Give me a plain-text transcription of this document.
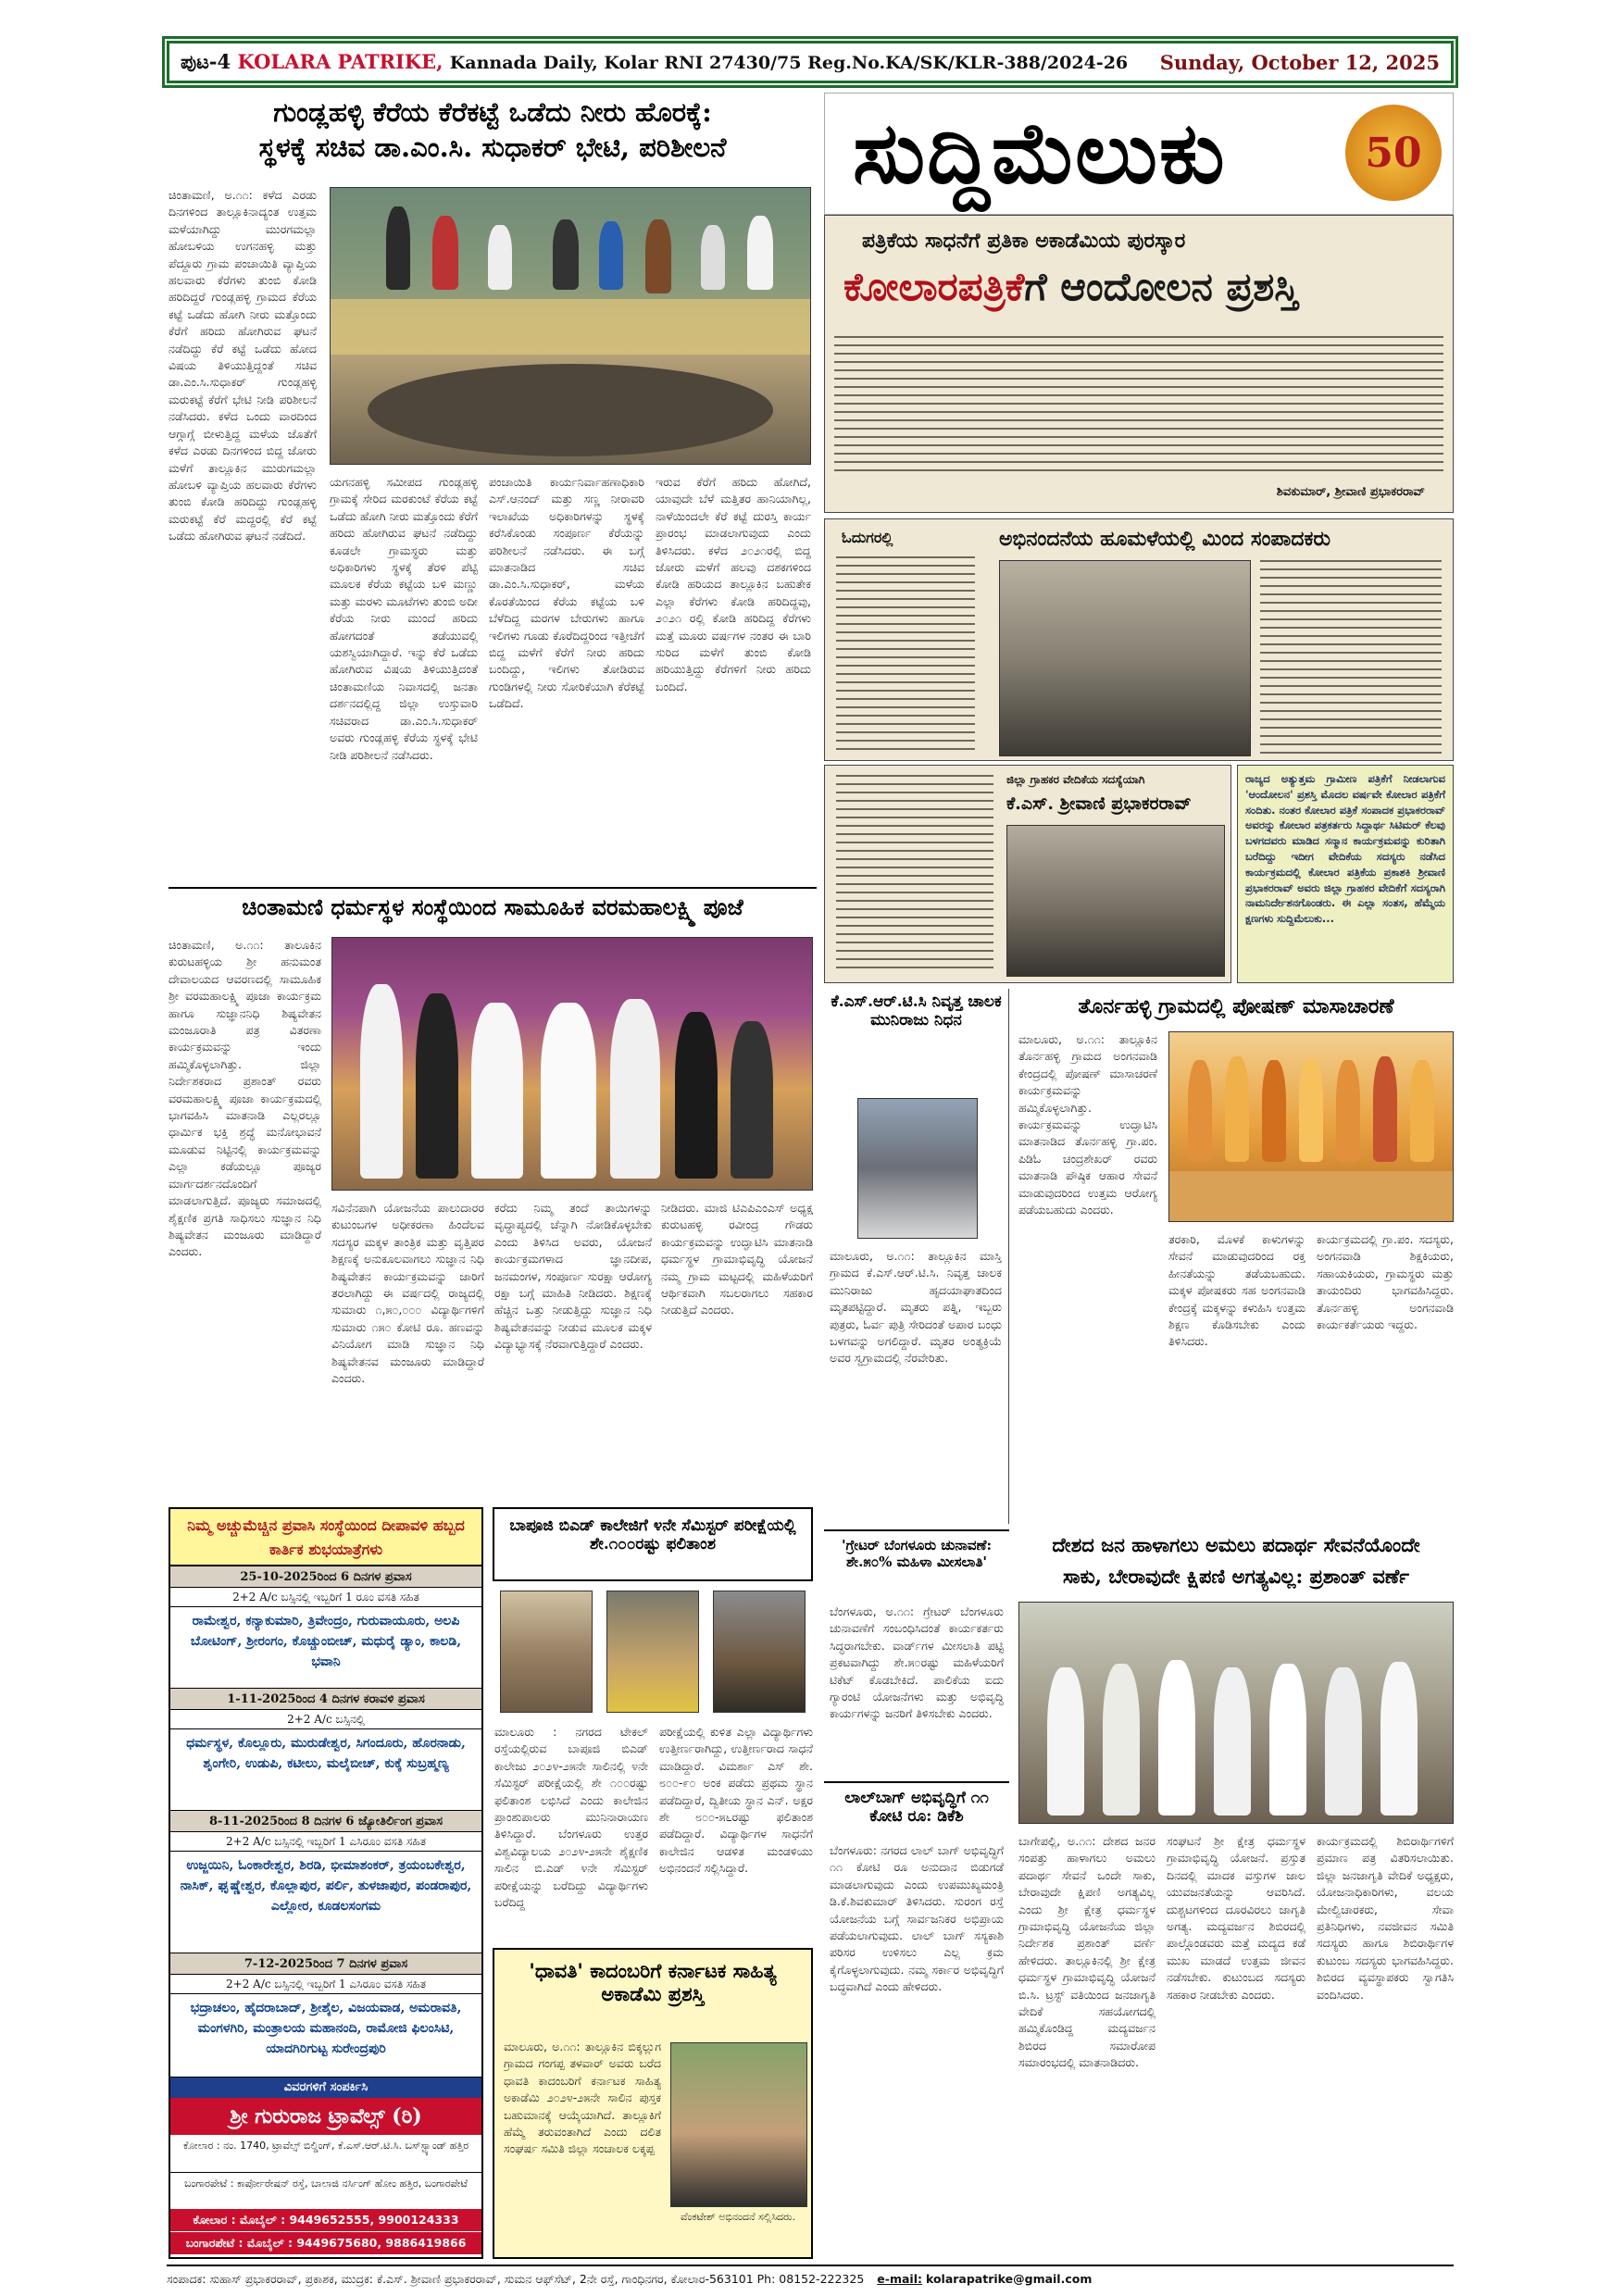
ಪುಟ-4 KOLARA PATRIKE, Kannada Daily, Kolar RNI 27430/75 Reg.No.KA/SK/KLR-388/2024-26 Sunday, October 12, 2025
ಗುಂಡ್ಲಹಳ್ಳಿ ಕೆರೆಯ ಕೆರೆಕಟ್ಟೆ ಒಡೆದು ನೀರು ಹೊರಕ್ಕೆ:
ಸ್ಥಳಕ್ಕೆ ಸಚಿವ ಡಾ.ಎಂ.ಸಿ. ಸುಧಾಕರ್ ಭೇಟಿ, ಪರಿಶೀಲನೆ
ಚಿಂತಾಮಣಿ, ಅ.೧೧: ಕಳೆದ ಎರಡು ದಿನಗಳಿಂದ ತಾಲ್ಲೂಕಿನಾದ್ಯಂತ ಉತ್ತಮ ಮಳೆಯಾಗಿದ್ದು ಮುರಗಮಲ್ಲಾ ಹೋಬಳಿಯ ಉಗನಹಳ್ಳಿ ಮತ್ತು ಪೆದ್ದೂರು ಗ್ರಾಮ ಪಂಚಾಯಿತಿ ವ್ಯಾಪ್ತಿಯ ಹಲವಾರು ಕೆರೆಗಳು ತುಂಬಿ ಕೋಡಿ ಹರಿದಿದ್ದರೆ ಗುಂಡ್ಲಹಳ್ಳಿ ಗ್ರಾಮದ ಕೆರೆಯ ಕಟ್ಟೆ ಒಡೆದು ಹೋಗಿ ನೀರು ಮತ್ತೊಂದು ಕೆರೆಗೆ ಹರಿದು ಹೋಗಿರುವ ಘಟನೆ ನಡೆದಿದ್ದು ಕೆರೆ ಕಟ್ಟೆ ಒಡೆದು ಹೋದ ವಿಷಯ ತಿಳಿಯುತ್ತಿದ್ದಂತೆ ಸಚಿವ ಡಾ.ಎಂ.ಸಿ.ಸುಧಾಕರ್ ಗುಂಡ್ಲಹಳ್ಳಿ ಮರುಕಟ್ಟೆ ಕೆರೆಗೆ ಭೇಟಿ ನೀಡಿ ಪರಿಶೀಲನೆ ನಡೆಸಿದರು. ಕಳೆದ ಒಂದು ವಾರದಿಂದ ಆಗ್ಗಾಗ್ಗೆ ಬೀಳುತ್ತಿದ್ದ ಮಳೆಯ ಜೊತೆಗೆ ಕಳೆದ ಎರಡು ದಿನಗಳಿಂದ ಬಿದ್ದ ಜೋರು ಮಳೆಗೆ ತಾಲ್ಲೂಕಿನ ಮುರುಗಮಲ್ಲಾ ಹೋಬಳಿ ವ್ಯಾಪ್ತಿಯ ಹಲವಾರು ಕೆರೆಗಳು ತುಂಬಿ ಕೋಡಿ ಹರಿದಿದ್ದು ಗುಂಡ್ಲಹಳ್ಳಿ ಮರುಕಟ್ಟೆ ಕೆರೆ ಮದ್ದರಲ್ಲಿ ಕೆರೆ ಕಟ್ಟೆ ಒಡೆದು ಹೋಗಿರುವ ಘಟನೆ ನಡೆದಿದೆ.
ಯಗನಹಳ್ಳಿ ಸಮೀಪದ ಗುಂಡ್ಲಹಳ್ಳಿ ಗ್ರಾಮಕ್ಕೆ ಸೇರಿದ ಮರಕುಂಟೆ ಕೆರೆಯ ಕಟ್ಟೆ ಒಡೆದು ಹೋಗಿ ನೀರು ಮತ್ತೊಂದು ಕೆರೆಗೆ ಹರಿದು ಹೋಗಿರುವ ಘಟನೆ ನಡೆದಿದ್ದು ಕೂಡಲೇ ಗ್ರಾಮಸ್ಥರು ಮತ್ತು ಅಧಿಕಾರಿಗಳು ಸ್ಥಳಕ್ಕೆ ತೆರಳಿ ಪೆಟ್ಟಿ ಮೂಲಕ ಕೆರೆಯ ಕಟ್ಟೆಯ ಬಳಿ ಮಣ್ಣು ಮತ್ತು ಮರಳು ಮೂಟೆಗಳು ತುಂಬಿ ಅದೀ ಕೆರೆಯ ನೀರು ಮುಂದೆ ಹರಿದು ಹೋಗದಂತೆ ತಡೆಯುವಲ್ಲಿ ಯಶಸ್ವಿಯಾಗಿದ್ದಾರೆ. ಇನ್ನು ಕೆರೆ ಒಡೆದು ಹೋಗಿರುವ ವಿಷಯ ತಿಳಿಯುತ್ತಿದಂತೆ ಚಿಂತಾಮಣಿಯ ನಿವಾಸದಲ್ಲಿ ಜನತಾ ದರ್ಶನದಲ್ಲಿದ್ದ ಜಿಲ್ಲಾ ಉಸ್ತುವಾರಿ ಸಚಿವರಾದ ಡಾ.ಎಂ.ಸಿ.ಸುಧಾಕರ್ ಅವರು ಗುಂಡ್ಲಹಳ್ಳಿ ಕೆರೆಯ ಸ್ಥಳಕ್ಕೆ ಭೇಟಿ ನೀಡಿ ಪರಿಶೀಲನೆ ನಡೆಸಿದರು.
ಪಂಚಾಯಿತಿ ಕಾರ್ಯನಿರ್ವಾಹಣಾಧಿಕಾರಿ ಎಸ್.ಆನಂದ್ ಮತ್ತು ಸಣ್ಣ ನೀರಾವರಿ ಇಲಾಖೆಯ ಅಧಿಕಾರಿಗಳನ್ನು ಸ್ಥಳಕ್ಕೆ ಕರೆಸಿಕೊಂಡು ಸಂಪೂರ್ಣ ಕೆರೆಯನ್ನು ಪರಿಶೀಲನೆ ನಡೆಸಿದರು. ಈ ಬಗ್ಗೆ ಮಾತನಾಡಿದ ಸಚಿವ ಡಾ.ಎಂ.ಸಿ.ಸುಧಾಕರ್, ಮಳೆಯ ಕೊರತೆಯಿಂದ ಕೆರೆಯ ಕಟ್ಟೆಯ ಬಳಿ ಬೆಳೆದಿದ್ದ ಮರಗಳ ಬೇರುಗಳು ಹಾಗೂ ಇಲಿಗಳು ಗೂಡು ಕೊರೆದಿದ್ದರಿಂದ ಇತ್ತೀಚೆಗೆ ಬಿದ್ದ ಮಳೆಗೆ ಕೆರೆಗೆ ನೀರು ಹರಿದು ಬಂದಿದ್ದು, ಇಲಿಗಳು ತೋಡಿರುವ ಗುಂಡಿಗಳಲ್ಲಿ ನೀರು ಸೋರಿಕೆಯಾಗಿ ಕೆರೆಕಟ್ಟೆ ಒಡೆದಿದೆ.
ಇರುವ ಕೆರೆಗೆ ಹರಿದು ಹೋಗಿದೆ, ಯಾವುದೇ ಬೆಳೆ ಮತ್ತಿತರ ಹಾನಿಯಾಗಿಲ್ಲ, ನಾಳೆಯಿಂದಲೇ ಕೆರೆ ಕಟ್ಟೆ ದುರಸ್ತಿ ಕಾರ್ಯ ಪ್ರಾರಂಭ ಮಾಡಲಾಗುವುದು ಎಂದು ತಿಳಿಸಿದರು. ಕಳೆದ ೨೦೨೧ರಲ್ಲಿ ಬಿದ್ದ ಜೋರು ಮಳೆಗೆ ಹಲವು ದಶಕಗಳಿಂದ ಕೋಡಿ ಹರಿಯದ ತಾಲ್ಲೂಕಿನ ಬಹುತೇಕ ಎಲ್ಲಾ ಕೆರೆಗಳು ಕೋಡಿ ಹರಿದಿದ್ದವು, ೨೦೨೧ ರಲ್ಲಿ ಕೋಡಿ ಹರಿದಿದ್ದ ಕೆರೆಗಳು ಮತ್ತೆ ಮೂರು ವರ್ಷಗಳ ನಂತರ ಈ ಬಾರಿ ಸುರಿದ ಮಳೆಗೆ ತುಂಬಿ ಕೋಡಿ ಹರಿಯುತ್ತಿದ್ದು ಕೆರೆಗಳಿಗೆ ನೀರು ಹರಿದು ಬಂದಿದೆ.
ಚಿಂತಾಮಣಿ ಧರ್ಮಸ್ಥಳ ಸಂಸ್ಥೆಯಿಂದ ಸಾಮೂಹಿಕ ವರಮಹಾಲಕ್ಷ್ಮಿ ಪೂಜೆ
ಚಿಂತಾಮಣಿ, ಅ.೧೧: ತಾಲೂಕಿನ ಕುರುಟಹಳ್ಳಿಯ ಶ್ರೀ ಹನುಮಂತ ದೇವಾಲಯದ ಆವರಣದಲ್ಲಿ ಸಾಮೂಹಿಕ ಶ್ರೀ ವರಮಹಾಲಕ್ಷ್ಮಿ ಪೂಜಾ ಕಾರ್ಯಕ್ರಮ ಹಾಗೂ ಸುಜ್ಞಾನನಿಧಿ ಶಿಷ್ಯವೇತನ ಮಂಜೂರಾತಿ ಪತ್ರ ವಿತರಣಾ ಕಾರ್ಯಕ್ರಮವನ್ನು ಇಂದು ಹಮ್ಮಿಕೊಳ್ಳಲಾಗಿತ್ತು. ಜಿಲ್ಲಾ ನಿರ್ದೇಶಕರಾದ ಪ್ರಶಾಂತ್ ರವರು ವರಮಹಾಲಕ್ಷ್ಮಿ ಪೂಜಾ ಕಾರ್ಯಕ್ರಮದಲ್ಲಿ ಭಾಗವಹಿಸಿ ಮಾತನಾಡಿ ಎಲ್ಲರಲ್ಲೂ ಧಾರ್ಮಿಕ ಭಕ್ತಿ ಶ್ರದ್ಧೆ ಮನೋಭಾವನೆ ಮೂಡುವ ನಿಟ್ಟಿನಲ್ಲಿ ಕಾರ್ಯಕ್ರಮವನ್ನು ಎಲ್ಲಾ ಕಡೆಯಲ್ಲೂ ಪೂಜ್ಯರ ಮಾರ್ಗದರ್ಶನದೊಂದಿಗೆ ಮಾಡಲಾಗುತ್ತಿದೆ. ಪೂಜ್ಯರು ಸಮಾಜದಲ್ಲಿ ಶೈಕ್ಷಣಿಕ ಪ್ರಗತಿ ಸಾಧಿಸಲು ಸುಜ್ಞಾನ ನಿಧಿ ಶಿಷ್ಯವೇತನ ಮಂಜೂರು ಮಾಡಿದ್ದಾರೆ ಎಂದರು.
ಸವಿನೆನಪಾಗಿ ಯೋಜನೆಯ ಪಾಲುದಾರರ ಕುಟುಂಬಗಳ ಅಧೀಕರಣಾ ಹಿಂದೆಲವ ಸದಸ್ಯರ ಮಕ್ಕಳ ತಾಂತ್ರಿಕ ಮತ್ತು ವೃತ್ತಿಪರ ಶಿಕ್ಷಣಕ್ಕೆ ಅನುಕೂಲವಾಗಲು ಸುಜ್ಞಾನ ನಿಧಿ ಶಿಷ್ಯವೇತನ ಕಾರ್ಯಕ್ರಮವನ್ನು ಜಾರಿಗೆ ತರಲಾಗಿದ್ದು ಈ ವರ್ಷದಲ್ಲಿ ರಾಜ್ಯದಲ್ಲಿ ಸುಮಾರು ೧,೫೦,೦೦೦ ವಿದ್ಯಾರ್ಥಿಗಳಿಗೆ ಸುಮಾರು ೧೫೦ ಕೋಟಿ ರೂ. ಹಣವನ್ನು ವಿನಿಯೋಗ ಮಾಡಿ ಸುಜ್ಞಾನ ನಿಧಿ ಶಿಷ್ಯವೇತನವ ಮಂಜೂರು ಮಾಡಿದ್ದಾರೆ ಎಂದರು.
ಕರೆದು ನಿಮ್ಮ ತಂದೆ ತಾಯಿಗಳನ್ನು ವೃದ್ಧಾಪ್ಯದಲ್ಲಿ ಚೆನ್ನಾಗಿ ನೋಡಿಕೊಳ್ಳಬೇಕು ಎಂದು ತಿಳಿಸಿದ ಅವರು, ಯೋಜನೆ ಕಾರ್ಯಕ್ರಮಗಳಾದ ಜ್ಞಾನದೀಪ, ಜನಮಂಗಳ, ಸಂಪೂರ್ಣ ಸುರಕ್ಷಾ ಆರೋಗ್ಯ ರಕ್ಷಾ ಬಗ್ಗೆ ಮಾಹಿತಿ ನೀಡಿದರು. ಶಿಕ್ಷಣಕ್ಕೆ ಹೆಚ್ಚಿನ ಒತ್ತು ನೀಡುತ್ತಿದ್ದು ಸುಜ್ಞಾನ ನಿಧಿ ಶಿಷ್ಯವೇತನವನ್ನು ನೀಡುವ ಮೂಲಕ ಮಕ್ಕಳ ವಿದ್ಯಾಭ್ಯಾಸಕ್ಕೆ ನೆರವಾಗುತ್ತಿದ್ದಾರೆ ಎಂದರು.
ನೀಡಿದರು. ಮಾಜಿ ಟಿಎಪಿಎಂಎಸ್ ಅಧ್ಯಕ್ಷ ಕುರುಟಹಳ್ಳಿ ರವೀಂದ್ರ ಗೌಡರು ಕಾರ್ಯಕ್ರಮವನ್ನು ಉದ್ಘಾಟಿಸಿ ಮಾತನಾಡಿ ಧರ್ಮಸ್ಥಳ ಗ್ರಾಮಾಭಿವೃದ್ಧಿ ಯೋಜನೆ ನಮ್ಮ ಗ್ರಾಮ ಮಟ್ಟದಲ್ಲಿ ಮಹಿಳೆಯರಿಗೆ ಆರ್ಥಿಕವಾಗಿ ಸಬಲರಾಗಲು ಸಹಕಾರ ನೀಡುತ್ತಿದೆ ಎಂದರು.
ನಿಮ್ಮ ಅಚ್ಚುಮೆಚ್ಚಿನ ಪ್ರವಾಸಿ ಸಂಸ್ಥೆಯಿಂದ ದೀಪಾವಳಿ ಹಬ್ಬದ ಕಾರ್ತಿಕ ಶುಭಯಾತ್ರೆಗಳು
25-10-2025ರಿಂದ 6 ದಿನಗಳ ಪ್ರವಾಸ
2+2 A/c ಬಸ್ಸಿನಲ್ಲಿ ಇಬ್ಬರಿಗೆ 1 ರೂಂ ವಸತಿ ಸಹಿತ
ರಾಮೇಶ್ವರ, ಕನ್ಯಾಕುಮಾರಿ, ತ್ರಿವೇಂದ್ರಂ, ಗುರುವಾಯೂರು, ಅಲಪಿ ಬೋಟಿಂಗ್, ಶ್ರೀರಂಗಂ, ಕೊಚ್ಚುಂಬೀಚ್, ಮಧುರೈ ಡ್ಯಾಂ, ಕಾಲಡಿ, ಭವಾನಿ
1-11-2025ರಿಂದ 4 ದಿನಗಳ ಕರಾವಳಿ ಪ್ರವಾಸ
2+2 A/c ಬಸ್ಸಿನಲ್ಲಿ
ಧರ್ಮಸ್ಥಳ, ಕೊಲ್ಲೂರು, ಮುರುಡೇಶ್ವರ, ಸಿಗಂದೂರು, ಹೊರನಾಡು, ಶೃಂಗೇರಿ, ಉಡುಪಿ, ಕಟೀಲು, ಮಲೈಬೀಚ್, ಕುಕ್ಕೆ ಸುಬ್ರಹ್ಮಣ್ಯ
8-11-2025ರಿಂದ 8 ದಿನಗಳ 6 ಜ್ಯೋತಿರ್ಲಿಂಗ ಪ್ರವಾಸ
2+2 A/c ಬಸ್ಸಿನಲ್ಲಿ ಇಬ್ಬರಿಗೆ 1 ಎಸಿರೂಂ ವಸತಿ ಸಹಿತ
ಉಜ್ಜಯಿನಿ, ಓಂಕಾರೇಶ್ವರ, ಶಿರಡಿ, ಭೀಮಾಶಂಕರ್, ತ್ರಯಂಬಕೇಶ್ವರ, ನಾಸಿಕ್, ಘೃಷ್ಣೇಶ್ವರ, ಕೊಲ್ಲಾಪುರ, ಪರ್ಲಿ, ತುಳಜಾಪುರ, ಪಂಡರಾಪುರ, ಎಲ್ಲೋರ, ಕೂಡಲಸಂಗಮ
7-12-2025ರಿಂದ 7 ದಿನಗಳ ಪ್ರವಾಸ
2+2 A/c ಬಸ್ಸಿನಲ್ಲಿ ಇಬ್ಬರಿಗೆ 1 ಎಸಿರೂಂ ವಸತಿ ಸಹಿತ
ಭದ್ರಾಚಲಂ, ಹೈದರಾಬಾದ್, ಶ್ರೀಶೈಲ, ವಿಜಯವಾಡ, ಅಮರಾವತಿ, ಮಂಗಳಗಿರಿ, ಮಂತ್ರಾಲಯ ಮಹಾನಂದಿ, ರಾಮೋಜಿ ಫಿಲಂಸಿಟಿ, ಯಾದಗಿರಿಗುಟ್ಟ ಸುರೇಂದ್ರಪುರಿ
ವಿವರಗಳಿಗೆ ಸಂಪರ್ಕಿಸಿ
ಶ್ರೀ ಗುರುರಾಜ ಟ್ರಾವೆಲ್ಸ್ (ರಿ)
ಕೋಲಾರ : ನಂ. 1740, ಟ್ರಾವೆಲ್ಸ್ ಬಿಲ್ಡಿಂಗ್, ಕೆ.ಎಸ್.ಆರ್.ಟಿ.ಸಿ. ಬಸ್‌ಸ್ಟ್ಯಾಂಡ್ ಹತ್ತಿರ
ಬಂಗಾರಪೇಟೆ : ಕಾರ್ಪೋರೇಷನ್ ರಸ್ತೆ, ಬಾಲಾಜಿ ನರ್ಸಿಂಗ್ ಹೋಂ ಹತ್ತಿರ, ಬಂಗಾರಪೇಟೆ
ಕೋಲಾರ : ಮೊಬೈಲ್ : 9449652555, 9900124333
ಬಂಗಾರಪೇಟೆ : ಮೊಬೈಲ್ : 9449675680, 9886419866
ಬಾಪೂಜಿ ಬಿಎಡ್ ಕಾಲೇಜಿಗೆ ೪ನೇ ಸೆಮಿಸ್ಟರ್ ಪರೀಕ್ಷೆಯಲ್ಲಿ ಶೇ.೧೦೦ರಷ್ಟು ಫಲಿತಾಂಶ
ಮಾಲೂರು : ನಗರದ ಟೇಕಲ್ ರಸ್ತೆಯಲ್ಲಿರುವ ಬಾಪೂಜಿ ಬಿಎಡ್ ಕಾಲೇಜು ೨೦೨೪-೨೫ನೇ ಸಾಲಿನಲ್ಲಿ ೪ನೇ ಸೆಮಿಸ್ಟರ್ ಪರೀಕ್ಷೆಯಲ್ಲಿ ಶೇ ೧೦೦ರಷ್ಟು ಫಲಿತಾಂಶ ಲಭಿಸಿದೆ ಎಂದು ಕಾಲೇಜಿನ ಪ್ರಾಂಶುಪಾಲರು ಮುನಿನಾರಾಯಣ ತಿಳಿಸಿದ್ದಾರೆ. ಬೆಂಗಳೂರು ಉತ್ತರ ವಿಶ್ವವಿದ್ಯಾಲಯ ೨೦೨೪-೨೫ನೇ ಶೈಕ್ಷಣಿಕ ಸಾಲಿನ ಬಿ.ಎಡ್ ೪ನೇ ಸೆಮಿಸ್ಟರ್ ಪರೀಕ್ಷೆಯನ್ನು ಬರೆದಿದ್ದು ವಿದ್ಯಾರ್ಥಿಗಳು ಬರೆದಿದ್ದ
ಪರೀಕ್ಷೆಯಲ್ಲಿ ಕುಳಿತ ಎಲ್ಲಾ ವಿದ್ಯಾರ್ಥಿಗಳು ಉತ್ತೀರ್ಣರಾಗಿದ್ದು, ಉತ್ತೀರ್ಣರಾದ ಸಾಧನೆ ಮಾಡಿದ್ದಾರೆ. ವಿಮರ್ಶಾ ಎಸ್ ಶೇ. ೮೦೦-೯೦ ಅಂಕ ಪಡೆದು ಪ್ರಥಮ ಸ್ಥಾನ ಪಡೆದಿದ್ದಾರೆ, ದ್ವಿತೀಯ ಸ್ಥಾನ ಎನ್. ಅಕ್ಷರ ಶೇ ೮೦೦-೫೬ರಷ್ಟು ಫಲಿತಾಂಶ ಪಡೆದಿದ್ದಾರೆ. ವಿದ್ಯಾರ್ಥಿಗಳ ಸಾಧನೆಗೆ ಕಾಲೇಜಿನ ಆಡಳಿತ ಮಂಡಳಿಯು ಅಭಿನಂದನೆ ಸಲ್ಲಿಸಿದ್ದಾರೆ.
'ಧಾವತಿ' ಕಾದಂಬರಿಗೆ ಕರ್ನಾಟಕ ಸಾಹಿತ್ಯ ಅಕಾಡೆಮಿ ಪ್ರಶಸ್ತಿ
ಮಾಲೂರು, ಅ.೧೧: ತಾಲ್ಲೂಕಿನ ಬಿಕ್ಕಲ್ಲುಗ ಗ್ರಾಮದ ಗಂಗಪ್ಪ ತಳವಾರ್ ಅವರು ಬರೆದ ಧಾವತಿ ಕಾದಂಬರಿಗೆ ಕರ್ನಾಟಕ ಸಾಹಿತ್ಯ ಅಕಾಡೆಮಿ ೨೦೨೪-೨೫ನೇ ಸಾಲಿನ ಪುಸ್ತಕ ಬಹುಮಾನಕ್ಕೆ ಆಯ್ಕೆಯಾಗಿದೆ. ತಾಲ್ಲೂಕಿಗೆ ಹೆಮ್ಮೆ ತರುವಂತಾಗಿದೆ ಎಂದು ದಲಿತ ಸಂಘರ್ಷ ಸಮಿತಿ ಜಿಲ್ಲಾ ಸಂಚಾಲಕ ಲಕ್ಕಪ್ಪ
ವೆಂಕಟೇಶ್ ಅಭಿನಂದನೆ ಸಲ್ಲಿಸಿದರು.
ಸುದ್ದಿಮೆಲುಕು	50
ಪತ್ರಿಕೆಯ ಸಾಧನೆಗೆ ಪ್ರತಿಕಾ ಅಕಾಡೆಮಿಯ ಪುರಸ್ಕಾರ
ಕೋಲಾರಪತ್ರಿಕೆಗೆ ಆಂದೋಲನ ಪ್ರಶಸ್ತಿ
ಶಿವಕುಮಾರ್, ಶ್ರೀವಾಣಿ ಪ್ರಭಾಕರರಾವ್
ಓದುಗರಲ್ಲಿ	ಅಭಿನಂದನೆಯ ಹೂಮಳೆಯಲ್ಲಿ ಮಿಂದ ಸಂಪಾದಕರು
ಜಿಲ್ಲಾ ಗ್ರಾಹಕರ ವೇದಿಕೆಯ ಸದಸ್ಯೆಯಾಗಿ
ಕೆ.ಎಸ್. ಶ್ರೀವಾಣಿ ಪ್ರಭಾಕರರಾವ್
ರಾಜ್ಯದ ಅತ್ಯುತ್ತಮ ಗ್ರಾಮೀಣ ಪತ್ರಿಕೆಗೆ ನೀಡಲಾಗುವ 'ಆಂದೋಲನ' ಪ್ರಶಸ್ತಿ ಮೊದಲ ವರ್ಷವೇ ಕೋಲಾರ ಪತ್ರಿಕೆಗೆ ಸಂದಿತು. ನಂತರ ಕೋಲಾರ ಪತ್ರಿಕೆ ಸಂಪಾದಕ ಪ್ರಭಾಕರರಾವ್ ಅವರನ್ನು ಕೋಲಾರ ಪತ್ರಕರ್ತರು ಸಿದ್ದಾರ್ಥ ಸಿಟಿಮರ್ ಕೆಲವು ಬಳಗದವರು ಮಾಡಿದ ಸನ್ಮಾನ ಕಾರ್ಯಕ್ರಮವನ್ನು ಕುರಿತಾಗಿ ಬರೆದಿದ್ದು ಇದೀಗ ವೇದಿಕೆಯ ಸದಸ್ಯರು ನಡೆಸಿದ ಕಾರ್ಯಕ್ರಮದಲ್ಲಿ ಕೋಲಾರ ಪತ್ರಿಕೆಯ ಪ್ರಕಾಶಕಿ ಶ್ರೀವಾಣಿ ಪ್ರಭಾಕರರಾವ್ ಅವರು ಜಿಲ್ಲಾ ಗ್ರಾಹಕರ ವೇದಿಕೆಗೆ ಸದಸ್ಯರಾಗಿ ನಾಮನಿರ್ದೇಶನಗೊಂಡರು. ಈ ಎಲ್ಲಾ ಸಂತಸ, ಹೆಮ್ಮೆಯ ಕ್ಷಣಗಳು ಸುದ್ದಿಮೆಲುಕು...
ಕೆ.ಎಸ್.ಆರ್.ಟಿ.ಸಿ ನಿವೃತ್ತ ಚಾಲಕ ಮುನಿರಾಜು ನಿಧನ
ಮಾಲೂರು, ಅ.೧೧: ತಾಲ್ಲೂಕಿನ ಮಾಸ್ತಿ ಗ್ರಾಮದ ಕೆ.ಎಸ್.ಆರ್.ಟಿ.ಸಿ. ನಿವೃತ್ತ ಚಾಲಕ ಮುನಿರಾಜು ಹೃದಯಾಘಾತದಿಂದ ಮೃತಪಟ್ಟಿದ್ದಾರೆ. ಮೃತರು ಪತ್ನಿ, ಇಬ್ಬರು ಪುತ್ರರು, ಓರ್ವ ಪುತ್ರಿ ಸೇರಿದಂತೆ ಅಪಾರ ಬಂಧು ಬಳಗವನ್ನು ಅಗಲಿದ್ದಾರೆ. ಮೃತರ ಅಂತ್ಯಕ್ರಿಯೆ ಅವರ ಸ್ವಗ್ರಾಮದಲ್ಲಿ ನೆರವೇರಿತು.
ತೊರ್ನಹಳ್ಳಿ ಗ್ರಾಮದಲ್ಲಿ ಪೋಷಣ್ ಮಾಸಾಚಾರಣೆ
ಮಾಲೂರು, ಅ.೧೧: ತಾಲ್ಲೂಕಿನ ತೊರ್ನಹಳ್ಳಿ ಗ್ರಾಮದ ಅಂಗನವಾಡಿ ಕೇಂದ್ರದಲ್ಲಿ ಪೋಷಣ್ ಮಾಸಾಚರಣೆ ಕಾರ್ಯಕ್ರಮವನ್ನು ಹಮ್ಮಿಕೊಳ್ಳಲಾಗಿತ್ತು. ಕಾರ್ಯಕ್ರಮವನ್ನು ಉದ್ಘಾಟಿಸಿ ಮಾತನಾಡಿದ ತೊರ್ನಹಳ್ಳಿ ಗ್ರಾ.ಪಂ. ಪಿಡಿಓ ಚಂದ್ರಶೇಖರ್ ರವರು ಮಾತನಾಡಿ ಪೌಷ್ಠಿಕ ಆಹಾರ ಸೇವನೆ ಮಾಡುವುದರಿಂದ ಉತ್ತಮ ಆರೋಗ್ಯ ಪಡೆಯಬಹುದು ಎಂದರು.
ತರಕಾರಿ, ಮೊಳಕೆ ಕಾಳುಗಳನ್ನು ಸೇವನೆ ಮಾಡುವುದರಿಂದ ರಕ್ತ ಹೀನತೆಯನ್ನು ತಡೆಯಬಹುದು. ಮಕ್ಕಳ ಪೋಷಕರು ಸಹ ಅಂಗನವಾಡಿ ಕೇಂದ್ರಕ್ಕೆ ಮಕ್ಕಳನ್ನು ಕಳುಹಿಸಿ ಉತ್ತಮ ಶಿಕ್ಷಣ ಕೊಡಿಸಬೇಕು ಎಂದು ತಿಳಿಸಿದರು.
ಕಾರ್ಯಕ್ರಮದಲ್ಲಿ ಗ್ರಾ.ಪಂ. ಸದಸ್ಯರು, ಅಂಗನವಾಡಿ ಶಿಕ್ಷಕಿಯರು, ಸಹಾಯಕಿಯರು, ಗ್ರಾಮಸ್ಥರು ಮತ್ತು ತಾಯಂದಿರು ಭಾಗವಹಿಸಿದ್ದರು. ತೊರ್ನಹಳ್ಳಿ ಅಂಗನವಾಡಿ ಕಾರ್ಯಕರ್ತೆಯರು ಇದ್ದರು.
'ಗ್ರೇಟರ್ ಬೆಂಗಳೂರು ಚುನಾವಣೆ: ಶೇ.೫೦% ಮಹಿಳಾ ಮೀಸಲಾತಿ'
ಬೆಂಗಳೂರು, ಅ.೧೧: ಗ್ರೇಟರ್ ಬೆಂಗಳೂರು ಚುನಾವಣೆಗೆ ಸಂಬಂಧಿಸಿದಂತೆ ಕಾರ್ಯಕರ್ತರು ಸಿದ್ಧರಾಗಬೇಕು. ವಾರ್ಡ್‌ಗಳ ಮೀಸಲಾತಿ ಪಟ್ಟಿ ಪ್ರಕಟವಾಗಿದ್ದು ಶೇ.೫೦ರಷ್ಟು ಮಹಿಳೆಯರಿಗೆ ಟಿಕೆಟ್ ಕೊಡಬೇಕಿದೆ. ಪಾಲಿಕೆಯ ಐದು ಗ್ಯಾರಂಟಿ ಯೋಜನೆಗಳು ಮತ್ತು ಅಭಿವೃದ್ಧಿ ಕಾರ್ಯಗಳನ್ನು ಜನರಿಗೆ ತಿಳಿಸಬೇಕು ಎಂದರು.
ಲಾಲ್‌ಬಾಗ್ ಅಭಿವೃದ್ಧಿಗೆ ೧೧ ಕೋಟಿ ರೂ: ಡಿಕೆಶಿ
ಬೆಂಗಳೂರು: ನಗರದ ಲಾಲ್ ಬಾಗ್ ಅಭಿವೃದ್ಧಿಗೆ ೧೧ ಕೋಟಿ ರೂ ಅನುದಾನ ಬಿಡುಗಡೆ ಮಾಡಲಾಗುವುದು ಎಂದು ಉಪಮುಖ್ಯಮಂತ್ರಿ ಡಿ.ಕೆ.ಶಿವಕುಮಾರ್ ತಿಳಿಸಿದರು. ಸುರಂಗ ರಸ್ತೆ ಯೋಜನೆಯ ಬಗ್ಗೆ ಸಾರ್ವಜನಿಕರ ಅಭಿಪ್ರಾಯ ಪಡೆಯಲಾಗುವುದು. ಲಾಲ್ ಬಾಗ್ ಸಸ್ಯಕಾಶಿ ಪರಿಸರ ಉಳಿಸಲು ಎಲ್ಲ ಕ್ರಮ ಕೈಗೊಳ್ಳಲಾಗುವುದು. ನಮ್ಮ ಸರ್ಕಾರ ಅಭಿವೃದ್ಧಿಗೆ ಬದ್ಧವಾಗಿದೆ ಎಂದು ಹೇಳಿದರು.
ದೇಶದ ಜನ ಹಾಳಾಗಲು ಅಮಲು ಪದಾರ್ಥ ಸೇವನೆಯೊಂದೇ
ಸಾಕು, ಬೇರಾವುದೇ ಕ್ಷಿಪಣಿ ಅಗತ್ಯವಿಲ್ಲ: ಪ್ರಶಾಂತ್ ವರ್ಣೆ
ಬಾಗೇಪಲ್ಲಿ, ಅ.೧೧: ದೇಶದ ಜನರ ಸಂಪತ್ತು ಹಾಳಾಗಲು ಅಮಲು ಪದಾರ್ಥ ಸೇವನೆ ಒಂದೇ ಸಾಕು, ಬೇರಾವುದೇ ಕ್ಷಿಪಣಿ ಅಗತ್ಯವಿಲ್ಲ ಎಂದು ಶ್ರೀ ಕ್ಷೇತ್ರ ಧರ್ಮಸ್ಥಳ ಗ್ರಾಮಾಭಿವೃದ್ಧಿ ಯೋಜನೆಯ ಜಿಲ್ಲಾ ನಿರ್ದೇಶಕ ಪ್ರಶಾಂತ್ ವರ್ಣೆ ಹೇಳಿದರು. ತಾಲ್ಲೂಕಿನಲ್ಲಿ ಶ್ರೀ ಕ್ಷೇತ್ರ ಧರ್ಮಸ್ಥಳ ಗ್ರಾಮಾಭಿವೃದ್ಧಿ ಯೋಜನೆ ಬಿ.ಸಿ. ಟ್ರಸ್ಟ್ ವತಿಯಿಂದ ಜನಜಾಗೃತಿ ವೇದಿಕೆ ಸಹಯೋಗದಲ್ಲಿ ಹಮ್ಮಿಕೊಂಡಿದ್ದ ಮದ್ಯವರ್ಜನ ಶಿಬಿರದ ಸಮಾರೋಪ ಸಮಾರಂಭದಲ್ಲಿ ಮಾತನಾಡಿದರು.
ಸಂಘಟನೆ ಶ್ರೀ ಕ್ಷೇತ್ರ ಧರ್ಮಸ್ಥಳ ಗ್ರಾಮಾಭಿವೃದ್ಧಿ ಯೋಜನೆ. ಪ್ರಸ್ತುತ ದಿನದಲ್ಲಿ ಮಾದಕ ವಸ್ತುಗಳ ಜಾಲ ಯುವಜನತೆಯನ್ನು ಆವರಿಸಿದೆ. ದುಶ್ಚಟಗಳಿಂದ ದೂರವಿರಲು ಜಾಗೃತಿ ಅಗತ್ಯ. ಮದ್ಯವರ್ಜನ ಶಿಬಿರದಲ್ಲಿ ಪಾಲ್ಗೊಂಡವರು ಮತ್ತೆ ಮದ್ಯದ ಕಡೆ ಮುಖ ಮಾಡದೆ ಉತ್ತಮ ಜೀವನ ನಡೆಸಬೇಕು. ಕುಟುಂಬದ ಸದಸ್ಯರು ಸಹಕಾರ ನೀಡಬೇಕು ಎಂದರು.
ಕಾರ್ಯಕ್ರಮದಲ್ಲಿ ಶಿಬಿರಾರ್ಥಿಗಳಿಗೆ ಪ್ರಮಾಣ ಪತ್ರ ವಿತರಿಸಲಾಯಿತು. ಜಿಲ್ಲಾ ಜನಜಾಗೃತಿ ವೇದಿಕೆ ಅಧ್ಯಕ್ಷರು, ಯೋಜನಾಧಿಕಾರಿಗಳು, ವಲಯ ಮೇಲ್ವಿಚಾರಕರು, ಸೇವಾ ಪ್ರತಿನಿಧಿಗಳು, ನವಜೀವನ ಸಮಿತಿ ಸದಸ್ಯರು ಹಾಗೂ ಶಿಬಿರಾರ್ಥಿಗಳ ಕುಟುಂಬ ಸದಸ್ಯರು ಭಾಗವಹಿಸಿದ್ದರು. ಶಿಬಿರದ ವ್ಯವಸ್ಥಾಪಕರು ಸ್ವಾಗತಿಸಿ ವಂದಿಸಿದರು.
ಸಂಪಾದಕ: ಸುಹಾಸ್ ಪ್ರಭಾಕರರಾವ್, ಪ್ರಕಾಶಕ, ಮುದ್ರಕ: ಕೆ.ಎಸ್. ಶ್ರೀವಾಣಿ ಪ್ರಭಾಕರರಾವ್, ಸುಮನ ಆಫ್‌ಸೆಟ್, 2ನೇ ರಸ್ತೆ, ಗಾಂಧಿನಗರ, ಕೋಲಾರ-563101 Ph: 08152-222325 e-mail: kolarapatrike@gmail.com
